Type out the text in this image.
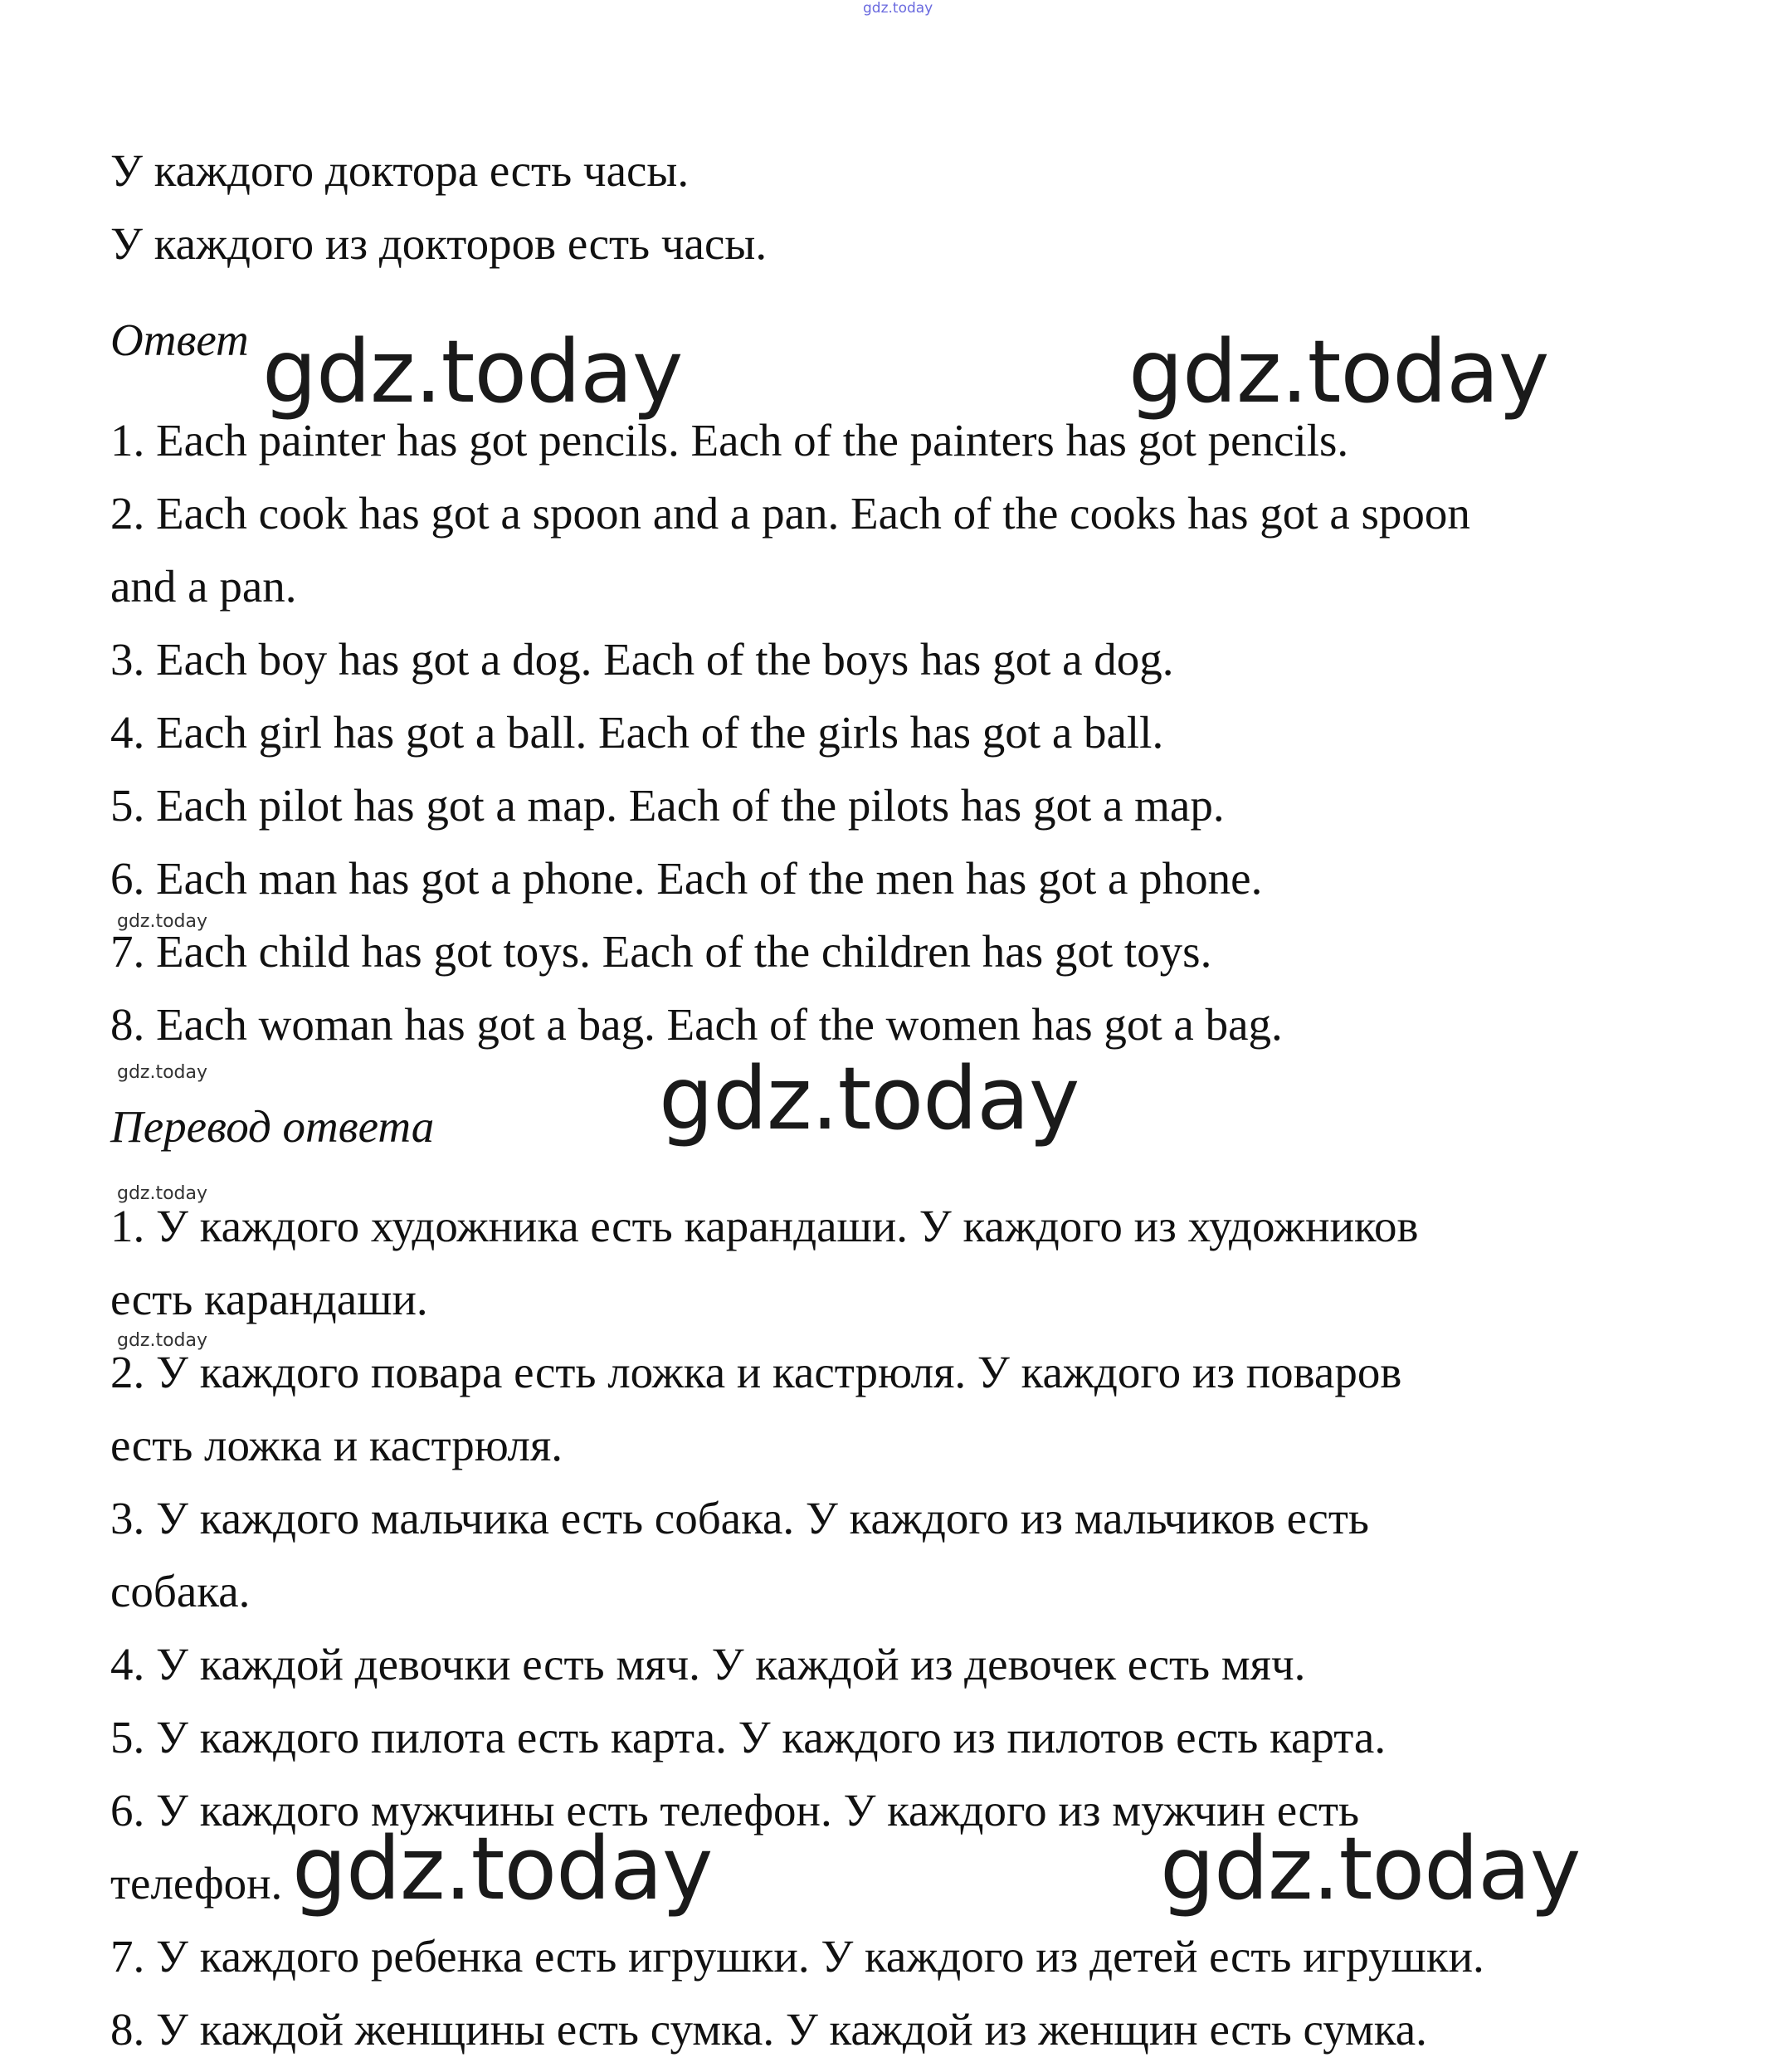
gdz.today
У каждого доктора есть часы.
У каждого из докторов есть часы.
Ответ gdz.today	gdz.today
1. Each painter has got pencils. Each of the painters has got pencils.
2. Each cook has got a spoon and a pan. Each of the cooks has got a spoon
and a pan.
3. Each boy has got a dog. Each of the boys has got a dog.
4. Each girl has got a ball. Each of the girls has got a ball.
5. Each pilot has got a map. Each of the pilots has got a map.
6. Each man has got a phone. Each of the men has got a phone.
gdz.today
7. Each child has got toys. Each of the children has got toys.
8. Each woman has got a bag. Each of the women has got a bag.
gdz.today
Перевод ответа	gdz.today
gdz.today
1. У каждого художника есть карандаши. У каждого из художников
есть карандаши.
gdz.today
2. У каждого повара есть ложка и кастрюля. У каждого из поваров
есть ложка и кастрюля.
3. У каждого мальчика есть собака. У каждого из мальчиков есть
собака.
4. У каждой девочки есть мяч. У каждой из девочек есть мяч.
5. У каждого пилота есть карта. У каждого из пилотов есть карта.
6. У каждого мужчины есть телефон. У каждого из мужчин есть
телефон. gdz.today	gdz.today
7. У каждого ребенка есть игрушки. У каждого из детей есть игрушки.
8. У каждой женщины есть сумка. У каждой из женщин есть сумка.
